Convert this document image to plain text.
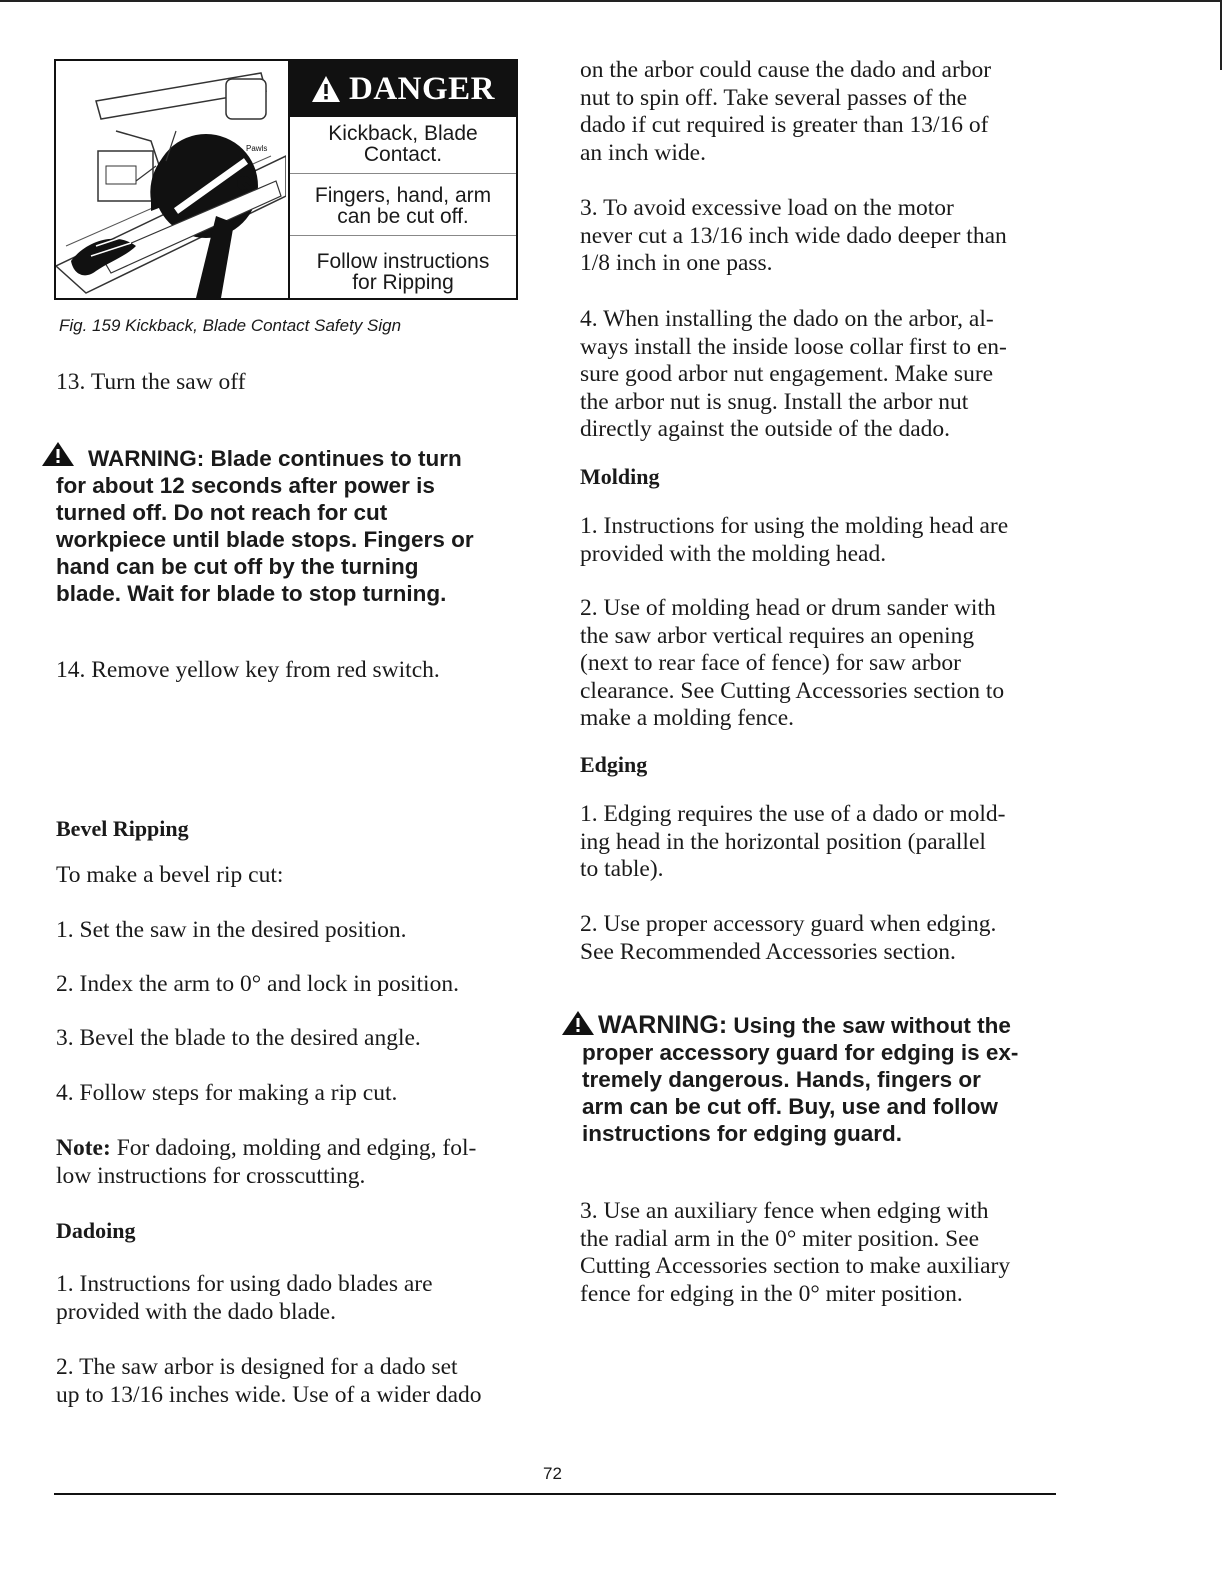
Pawls
DANGER
Kickback, Blade
Contact.
Fingers, hand, arm
can be cut off.
Follow instructions
for Ripping

Fig. 159 Kickback, Blade Contact Safety Sign

13. Turn the saw off

WARNING: Blade continues to turn
for about 12 seconds after power is
turned off. Do not reach for cut
workpiece until blade stops. Fingers or
hand can be cut off by the turning
blade. Wait for blade to stop turning.

14. Remove yellow key from red switch.

Bevel Ripping

To make a bevel rip cut:

1. Set the saw in the desired position.

2. Index the arm to 0° and lock in position.

3. Bevel the blade to the desired angle.

4. Follow steps for making a rip cut.

Note: For dadoing, molding and edging, fol-
low instructions for crosscutting.

Dadoing

1. Instructions for using dado blades are
provided with the dado blade.

2. The saw arbor is designed for a dado set
up to 13/16 inches wide. Use of a wider dado

on the arbor could cause the dado and arbor
nut to spin off. Take several passes of the
dado if cut required is greater than 13/16 of
an inch wide.

3. To avoid excessive load on the motor
never cut a 13/16 inch wide dado deeper than
1/8 inch in one pass.

4. When installing the dado on the arbor, al-
ways install the inside loose collar first to en-
sure good arbor nut engagement. Make sure
the arbor nut is snug. Install the arbor nut
directly against the outside of the dado.

Molding

1. Instructions for using the molding head are
provided with the molding head.

2. Use of molding head or drum sander with
the saw arbor vertical requires an opening
(next to rear face of fence) for saw arbor
clearance. See Cutting Accessories section to
make a molding fence.

Edging

1. Edging requires the use of a dado or mold-
ing head in the horizontal position (parallel
to table).

2. Use proper accessory guard when edging.
See Recommended Accessories section.

WARNING: Using the saw without the
proper accessory guard for edging is ex-
tremely dangerous. Hands, fingers or
arm can be cut off. Buy, use and follow
instructions for edging guard.

3. Use an auxiliary fence when edging with
the radial arm in the 0° miter position. See
Cutting Accessories section to make auxiliary
fence for edging in the 0° miter position.

72
